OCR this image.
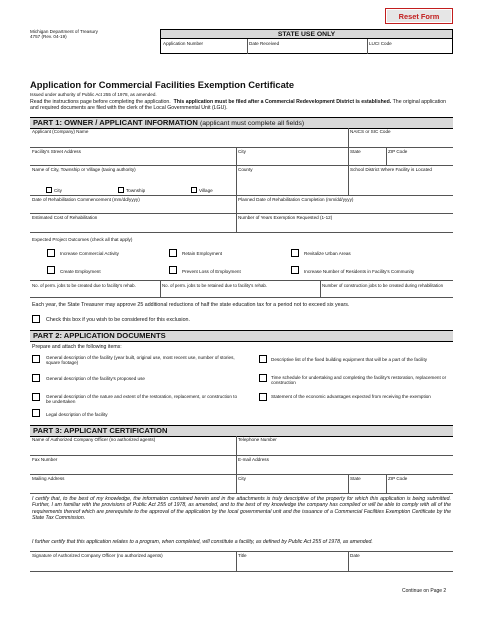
Reset Form
Michigan Department of Treasury
4757 (Rev. 04-19)	STATE USE ONLY
Application Number	Date Received	LUCI Code
Application for Commercial Facilities Exemption Certificate
Issued under authority of Public Act 255 of 1978, as amended.
Read the instructions page before completing the application. This application must be filed after a Commercial Redevelopment District is established. The original application and required documents are filed with the clerk of the Local Governmental Unit (LGU).
PART 1: OWNER / APPLICANT INFORMATION (applicant must complete all fields)
Applicant (Company) Name	NAICS or SIC Code
Facility's Street Address	City	State	ZIP Code
Name of City, Township or Village (taxing authority)	County	School District Where Facility is Located
City	Township	Village
Date of Rehabilitation Commencement (mm/dd/yyyy)	Planned Date of Rehabilitation Completion (mm/dd/yyyy)
Estimated Cost of Rehabilitation	Number of Years Exemption Requested (1-12)
Expected Project Outcomes (check all that apply)
Increase Commercial Activity	Retain Employment	Revitalize Urban Areas
Create Employment	Prevent Loss of Employment	Increase Number of Residents in Facility's Community
No. of perm. jobs to be created due to facility's rehab.	No. of perm. jobs to be retained due to facility's rehab.	Number of construction jobs to be created during rehabilitation
Each year, the State Treasurer may approve 25 additional reductions of half the state education tax for a period not to exceed six years.
Check this box if you wish to be considered for this exclusion.
PART 2: APPLICATION DOCUMENTS
Prepare and attach the following items:
General description of the facility (year built, original use, most recent use, number of stories, square footage)
General description of the facility's proposed use
General description of the nature and extent of the restoration, replacement, or construction to be undertaken
Legal description of the facility
Descriptive list of the fixed building equipment that will be a part of the facility
Time schedule for undertaking and completing the facility's restoration, replacement or construction
Statement of the economic advantages expected from receiving the exemption
PART 3: APPLICANT CERTIFICATION
Name of Authorized Company Officer (no authorized agents)	Telephone Number
Fax Number	E-mail Address
Mailing Address	City	State	ZIP Code
I certify that, to the best of my knowledge, the information contained herein and in the attachments is truly descriptive of the property for which this application is being submitted. Further, I am familiar with the provisions of Public Act 255 of 1978, as amended, and to the best of my knowledge the company has complied or will be able to comply with all of the requirements thereof which are prerequisite to the approval of the application by the local governmental unit and the issuance of a Commercial Facilities Exemption Certificate by the State Tax Commission.
I further certify that this application relates to a program, when completed, will constitute a facility, as defined by Public Act 255 of 1978, as amended.
Signature of Authorized Company Officer (no authorized agents)	Title	Date
Continue on Page 2
